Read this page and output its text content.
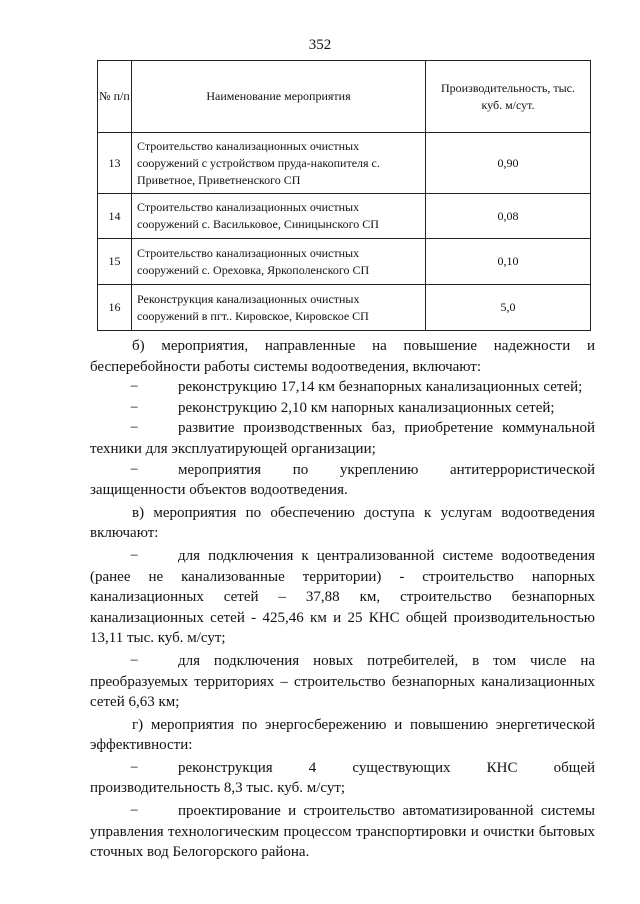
352
№ п/п	Наименование мероприятия	Производительность, тыс. куб. м/сут.
13	Строительство канализационных очистных сооружений с устройством пруда-накопителя с. Приветное, Приветненского СП	0,90
14	Строительство канализационных очистных сооружений с. Васильковое, Синицынского СП	0,08
15	Строительство канализационных очистных сооружений с. Ореховка, Яркополенского СП	0,10
16	Реконструкция канализационных очистных сооружений в пгт.. Кировское, Кировское СП	5,0

б) мероприятия, направленные на повышение надежности и бесперебойности работы системы водоотведения, включают:

−	реконструкцию 17,14 км безнапорных канализационных сетей;

−	реконструкцию 2,10 км напорных канализационных сетей;

−	развитие производственных баз, приобретение коммунальной техники для эксплуатирующей организации;

−	мероприятия по укреплению антитеррористической защищенности объектов водоотведения.

в) мероприятия по обеспечению доступа к услугам водоотведения включают:

−	для подключения к централизованной системе водоотведения (ранее не канализованные территории) - строительство напорных канализационных сетей – 37,88 км, строительство безнапорных канализационных сетей - 425,46 км и 25 КНС общей производительностью 13,11 тыс. куб. м/сут;

−	для подключения новых потребителей, в том числе на преобразуемых территориях – строительство безнапорных канализационных сетей 6,63 км;

г) мероприятия по энергосбережению и повышению энергетической эффективности:

−	реконструкция 4 существующих КНС общей производительность 8,3 тыс. куб. м/сут;

−	проектирование и строительство автоматизированной системы управления технологическим процессом транспортировки и очистки бытовых сточных вод Белогорского района.
